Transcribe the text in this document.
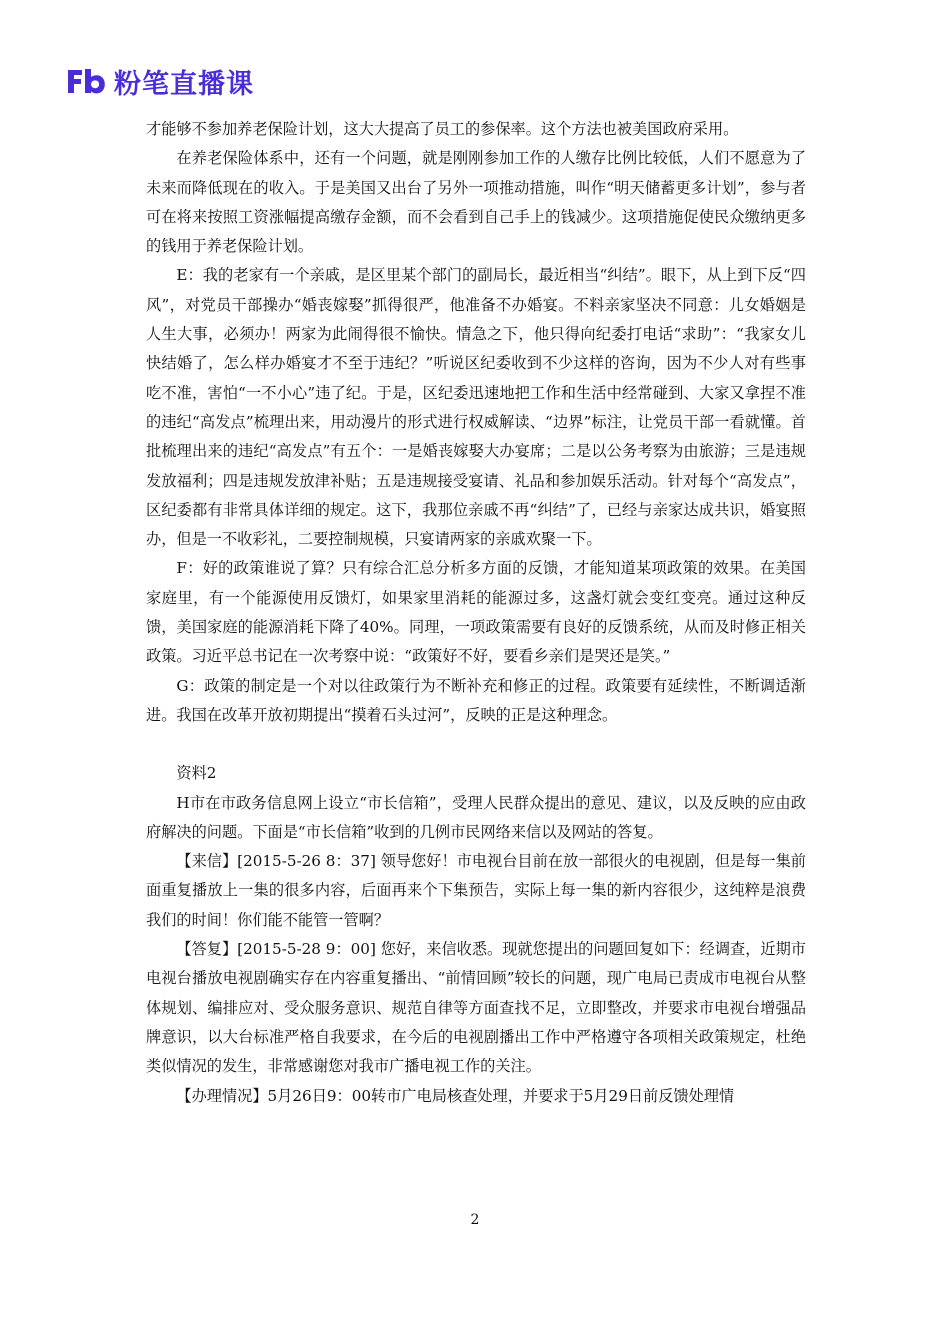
粉笔直播课

才能够不参加养老保险计划，这大大提高了员工的参保率。这个方法也被美国政府采用。

在养老保险体系中，还有一个问题，就是刚刚参加工作的人缴存比例比较低，人们不愿意为了未来而降低现在的收入。于是美国又出台了另外一项推动措施，叫作“明天储蓄更多计划”，参与者可在将来按照工资涨幅提高缴存金额，而不会看到自己手上的钱减少。这项措施促使民众缴纳更多的钱用于养老保险计划。

E：我的老家有一个亲戚，是区里某个部门的副局长，最近相当“纠结”。眼下，从上到下反“四风”，对党员干部操办“婚丧嫁娶”抓得很严，他准备不办婚宴。不料亲家坚决不同意：儿女婚姻是人生大事，必须办！两家为此闹得很不愉快。情急之下，他只得向纪委打电话“求助”：“我家女儿快结婚了，怎么样办婚宴才不至于违纪？”听说区纪委收到不少这样的咨询，因为不少人对有些事吃不准，害怕“一不小心”违了纪。于是，区纪委迅速地把工作和生活中经常碰到、大家又拿捏不准的违纪“高发点”梳理出来，用动漫片的形式进行权威解读、“边界”标注，让党员干部一看就懂。首批梳理出来的违纪“高发点”有五个：一是婚丧嫁娶大办宴席；二是以公务考察为由旅游；三是违规发放福利；四是违规发放津补贴；五是违规接受宴请、礼品和参加娱乐活动。针对每个“高发点”，区纪委都有非常具体详细的规定。这下，我那位亲戚不再“纠结”了，已经与亲家达成共识，婚宴照办，但是一不收彩礼，二要控制规模，只宴请两家的亲戚欢聚一下。

F：好的政策谁说了算？只有综合汇总分析多方面的反馈，才能知道某项政策的效果。在美国家庭里，有一个能源使用反馈灯，如果家里消耗的能源过多，这盏灯就会变红变亮。通过这种反馈，美国家庭的能源消耗下降了40%。同理，一项政策需要有良好的反馈系统，从而及时修正相关政策。习近平总书记在一次考察中说：“政策好不好，要看乡亲们是哭还是笑。”

G：政策的制定是一个对以往政策行为不断补充和修正的过程。政策要有延续性，不断调适渐进。我国在改革开放初期提出“摸着石头过河”，反映的正是这种理念。

资料2

H市在市政务信息网上设立“市长信箱”，受理人民群众提出的意见、建议，以及反映的应由政府解决的问题。下面是“市长信箱”收到的几例市民网络来信以及网站的答复。

【来信】[2015-5-26 8：37] 领导您好！市电视台目前在放一部很火的电视剧，但是每一集前面重复播放上一集的很多内容，后面再来个下集预告，实际上每一集的新内容很少，这纯粹是浪费我们的时间！你们能不能管一管啊？

【答复】[2015-5-28 9：00] 您好，来信收悉。现就您提出的问题回复如下：经调查，近期市电视台播放电视剧确实存在内容重复播出、“前情回顾”较长的问题，现广电局已责成市电视台从整体规划、编排应对、受众服务意识、规范自律等方面查找不足，立即整改，并要求市电视台增强品牌意识，以大台标准严格自我要求，在今后的电视剧播出工作中严格遵守各项相关政策规定，杜绝类似情况的发生，非常感谢您对我市广播电视工作的关注。

【办理情况】5月26日9：00转市广电局核查处理，并要求于5月29日前反馈处理情

2
